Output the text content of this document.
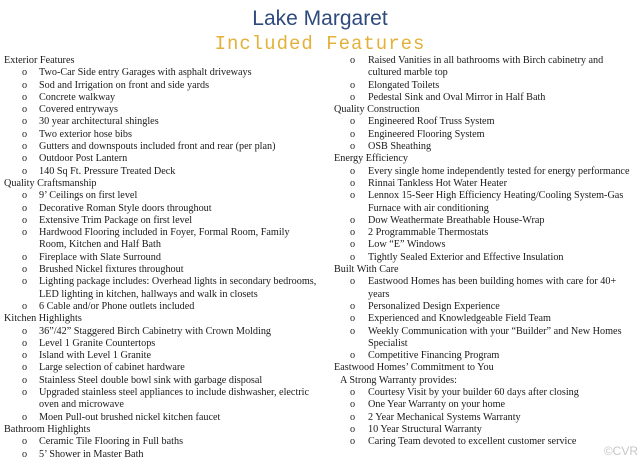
Lake Margaret
Included Features
Exterior Features
o Two-Car Side entry Garages with asphalt driveways
o Sod and Irrigation on front and side yards
o Concrete walkway
o Covered entryways
o 30 year architectural shingles
o Two exterior hose bibs
o Gutters and downspouts included front and rear (per plan)
o Outdoor Post Lantern
o 140 Sq Ft. Pressure Treated Deck
Quality Craftsmanship
o 9’ Ceilings on first level
o Decorative Roman Style doors throughout
o Extensive Trim Package on first level
o Hardwood Flooring included in Foyer, Formal Room, Family Room, Kitchen and Half Bath
o Fireplace with Slate Surround
o Brushed Nickel fixtures throughout
o Lighting package includes: Overhead lights in secondary bedrooms, LED lighting in kitchen, hallways and walk in closets
o 6 Cable and/or Phone outlets included
Kitchen Highlights
o 36”/42” Staggered Birch Cabinetry with Crown Molding
o Level 1 Granite Countertops
o Island with Level 1 Granite
o Large selection of cabinet hardware
o Stainless Steel double bowl sink with garbage disposal
o Upgraded stainless steel appliances to include dishwasher, electric oven and microwave
o Moen Pull-out brushed nickel kitchen faucet
Bathroom Highlights
o Ceramic Tile Flooring in Full baths
o 5’ Shower in Master Bath
o Raised Vanities in all bathrooms with Birch cabinetry and cultured marble top
o Elongated Toilets
o Pedestal Sink and Oval Mirror in Half Bath
Quality Construction
o Engineered Roof Truss System
o Engineered Flooring System
o OSB Sheathing
Energy Efficiency
o Every single home independently tested for energy performance
o Rinnai Tankless Hot Water Heater
o Lennox 15-Seer High Efficiency Heating/Cooling System-Gas Furnace with air conditioning
o Dow Weathermate Breathable House-Wrap
o 2 Programmable Thermostats
o Low “E” Windows
o Tightly Sealed Exterior and Effective Insulation
Built With Care
o Eastwood Homes has been building homes with care for 40+ years
o Personalized Design Experience
o Experienced and Knowledgeable Field Team
o Weekly Communication with your “Builder” and New Homes Specialist
o Competitive Financing Program
Eastwood Homes’ Commitment to You
A Strong Warranty provides:
o Courtesy Visit by your builder 60 days after closing
o One Year Warranty on your home
o 2 Year Mechanical Systems Warranty
o 10 Year Structural Warranty
o Caring Team devoted to excellent customer service
©CVR
